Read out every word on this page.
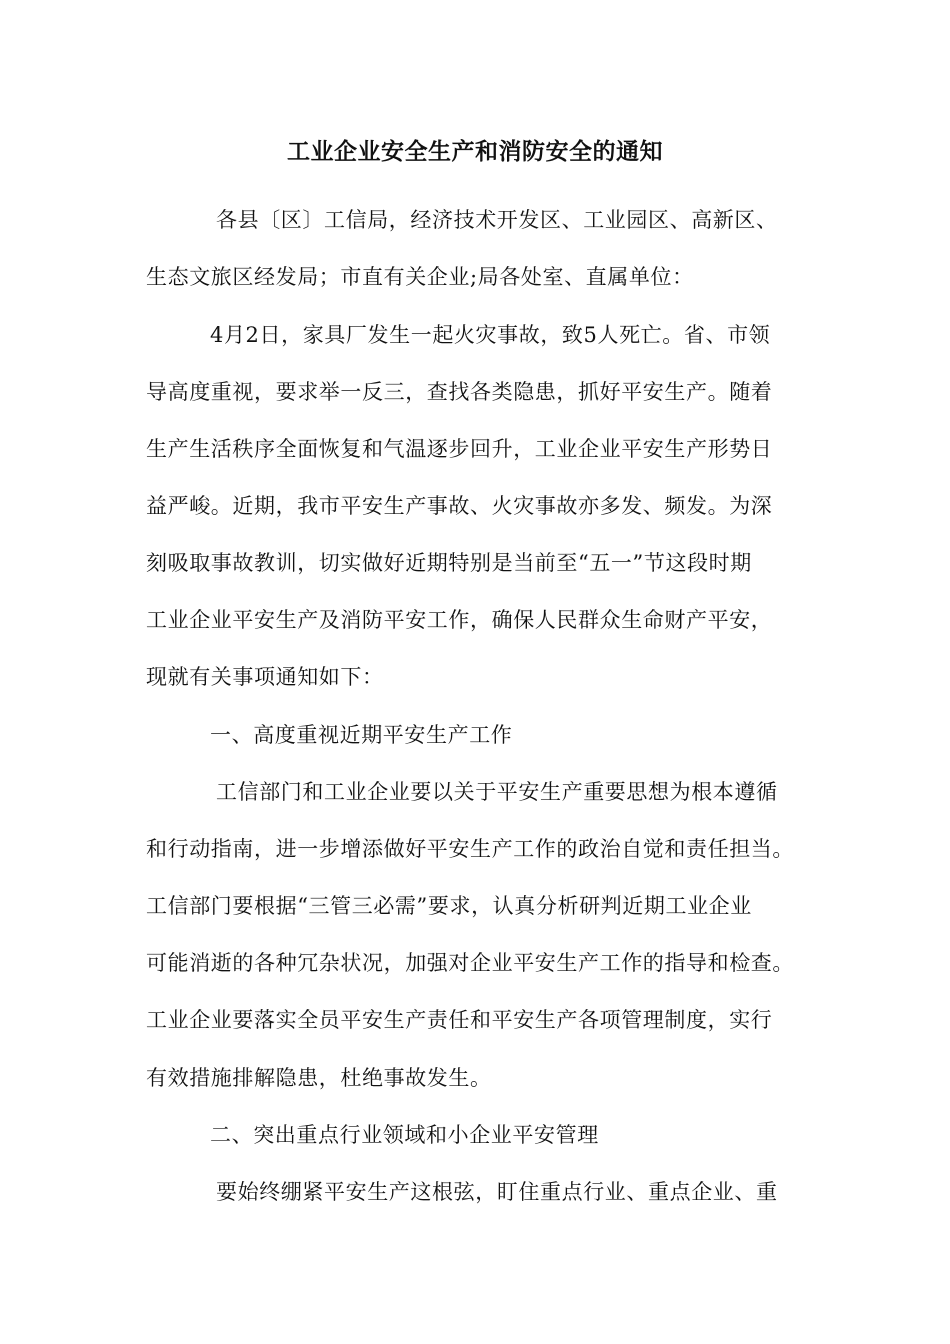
工业企业安全生产和消防安全的通知
各县〔区〕工信局，经济技术开发区、工业园区、高新区、
生态文旅区经发局；市直有关企业;局各处室、直属单位：
4月2日，家具厂发生一起火灾事故，致5人死亡。省、市领
导高度重视，要求举一反三，查找各类隐患，抓好平安生产。随着
生产生活秩序全面恢复和气温逐步回升，工业企业平安生产形势日
益严峻。近期，我市平安生产事故、火灾事故亦多发、频发。为深
刻吸取事故教训，切实做好近期特别是当前至“五一”节这段时期
工业企业平安生产及消防平安工作，确保人民群众生命财产平安，
现就有关事项通知如下：
一、高度重视近期平安生产工作
工信部门和工业企业要以关于平安生产重要思想为根本遵循
和行动指南，进一步增添做好平安生产工作的政治自觉和责任担当。
工信部门要根据“三管三必需”要求，认真分析研判近期工业企业
可能消逝的各种冗杂状况，加强对企业平安生产工作的指导和检查。
工业企业要落实全员平安生产责任和平安生产各项管理制度，实行
有效措施排解隐患，杜绝事故发生。
二、突出重点行业领域和小企业平安管理
要始终绷紧平安生产这根弦，盯住重点行业、重点企业、重
